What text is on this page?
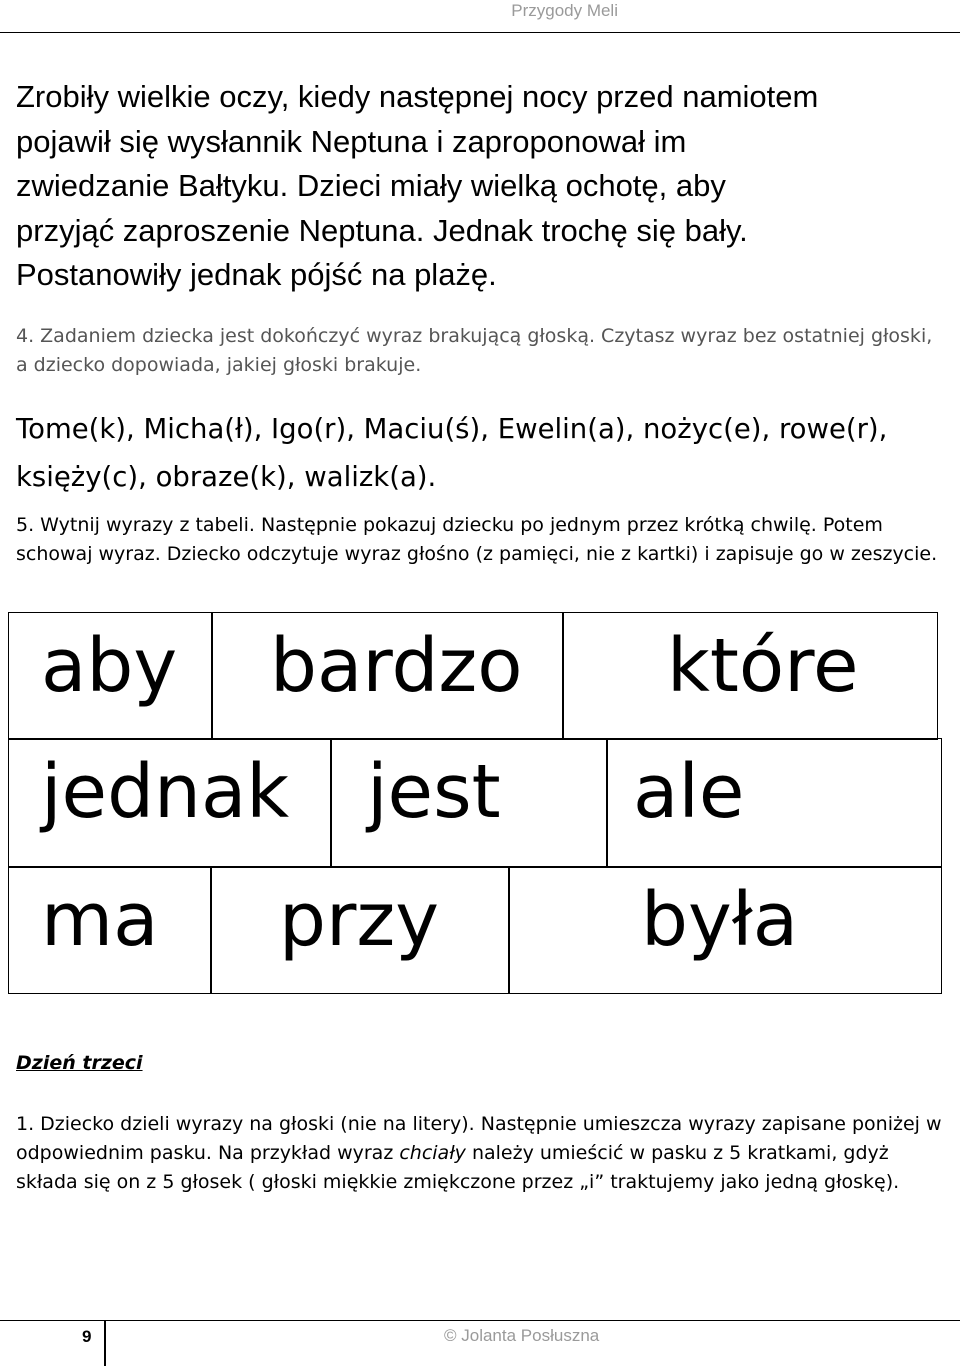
Przygody Meli
Zrobiły wielkie oczy, kiedy następnej nocy przed namiotem
pojawił się wysłannik Neptuna i zaproponował im
zwiedzanie Bałtyku. Dzieci miały wielką ochotę, aby
przyjąć zaproszenie Neptuna. Jednak trochę się bały.
Postanowiły jednak pójść na plażę.
4. Zadaniem dziecka jest dokończyć wyraz brakującą głoską. Czytasz wyraz bez ostatniej głoski, a dziecko dopowiada, jakiej głoski brakuje.
Tome(k), Micha(ł), Igo(r), Maciu(ś), Ewelin(a), nożyc(e), rowe(r), księży(c), obraze(k), walizk(a).
5. Wytnij wyrazy z tabeli. Następnie pokazuj dziecku po jednym przez krótką chwilę. Potem schowaj wyraz. Dziecko odczytuje wyraz głośno (z pamięci, nie z kartki) i zapisuje go w zeszycie.
aby bardzo które
jednak jest ale
ma przy	była
Dzień trzeci
1. Dziecko dzieli wyrazy na głoski (nie na litery). Następnie umieszcza wyrazy zapisane poniżej w odpowiednim pasku. Na przykład wyraz chciały należy umieścić w pasku z 5 kratkami, gdyż składa się on z 5 głosek ( głoski miękkie zmiękczone przez „i” traktujemy jako jedną głoskę).
9	© Jolanta Posłuszna
